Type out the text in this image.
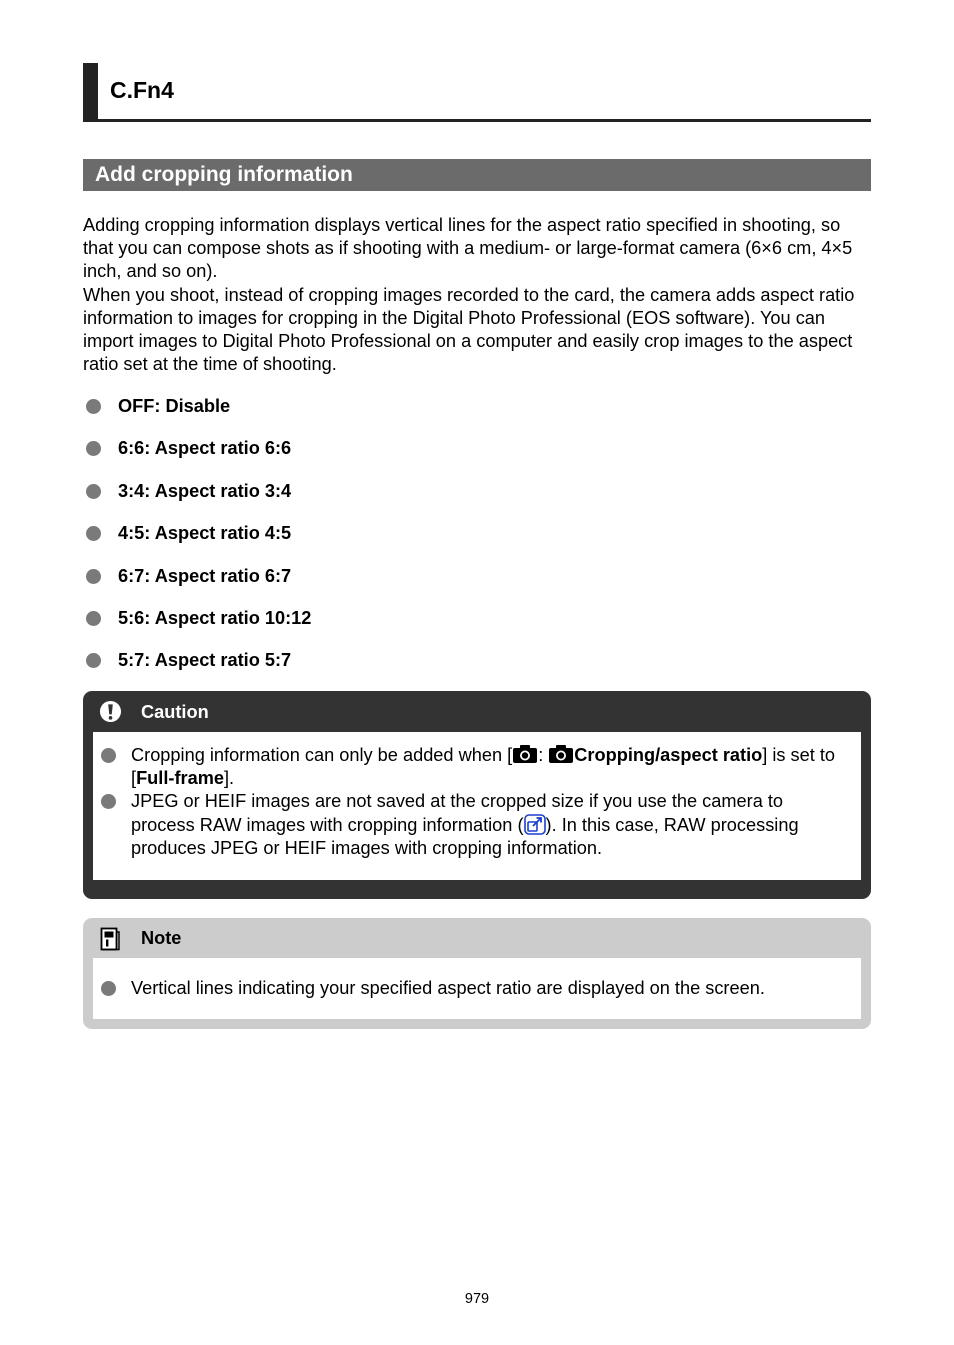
C.Fn4
Add cropping information

Adding cropping information displays vertical lines for the aspect ratio specified in shooting, so that you can compose shots as if shooting with a medium- or large-format camera (6×6 cm, 4×5 inch, and so on).

When you shoot, instead of cropping images recorded to the card, the camera adds aspect ratio information to images for cropping in the Digital Photo Professional (EOS software). You can import images to Digital Photo Professional on a computer and easily crop images to the aspect ratio set at the time of shooting.

OFF: Disable
6:6: Aspect ratio 6:6
3:4: Aspect ratio 3:4
4:5: Aspect ratio 4:5
6:7: Aspect ratio 6:7
5:6: Aspect ratio 10:12
5:7: Aspect ratio 5:7
Caution
Cropping information can only be added when [ : Cropping/aspect ratio] is set to [Full-frame].
JPEG or HEIF images are not saved at the cropped size if you use the camera to process RAW images with cropping information ( ). In this case, RAW processing produces JPEG or HEIF images with cropping information.
Note
Vertical lines indicating your specified aspect ratio are displayed on the screen.
979
